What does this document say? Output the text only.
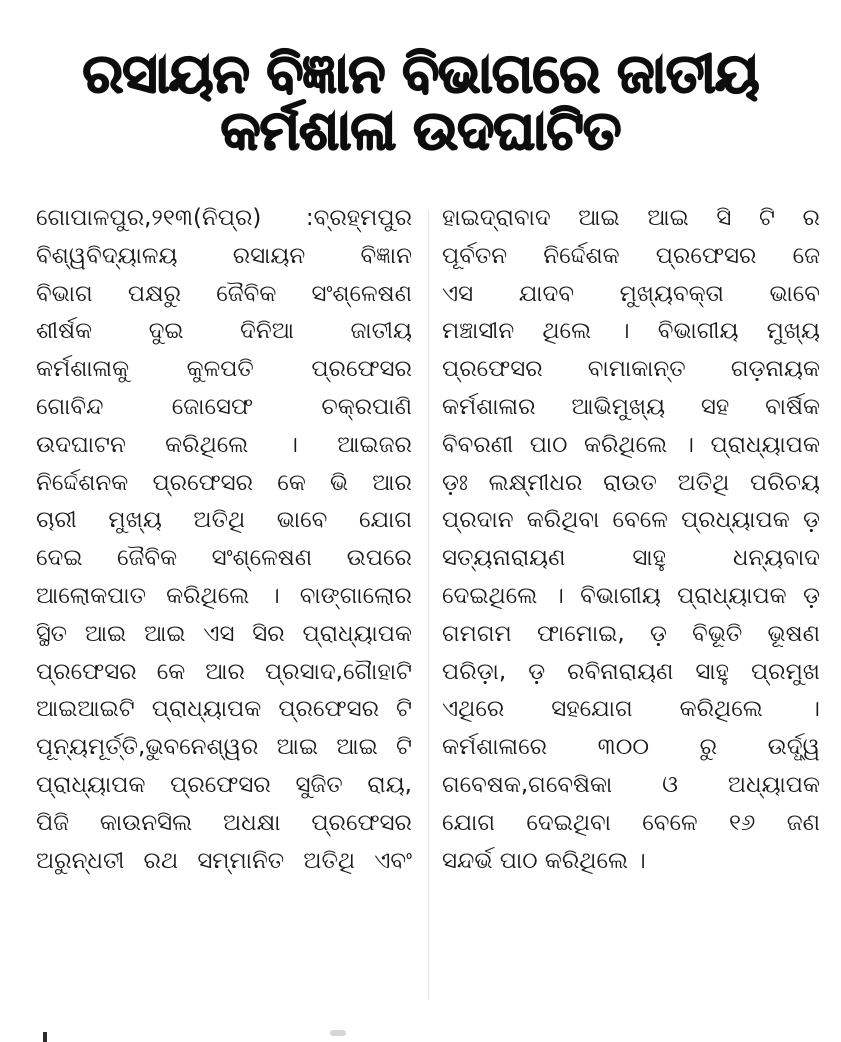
ରସାୟନ ବିଜ୍ଞାନ ବିଭାଗରେ ଜାତୀୟ କର୍ମଶାଳା ଉଦଘାଟିତ
ଗୋପାଳପୁର,୨୧୩(ନିପ୍ର) :ବ୍ରହ୍ମପୁର
ବିଶ୍ୱବିଦ୍ୟାଳୟ ରସାୟନ ବିଜ୍ଞାନ
ବିଭାଗ ପକ୍ଷରୁ ଜୈବିକ ସଂଶ୍ଳେଷଣ
ଶୀର୍ଷକ ଦୁଇ ଦିନିଆ ଜାତୀୟ
କର୍ମଶାଳାକୁ କୁଳପତି ପ୍ରଫେସର
ଗୋବିନ୍ଦ ଜୋସେଫ ଚକ୍ରପାଣି
ଉଦଘାଟନ କରିଥିଲେ । ଆଇଜର
ନିର୍ଦ୍ଦେଶନକ ପ୍ରଫେସର କେ ଭି ଆର
ଚାରୀ ମୁଖ୍ୟ ଅତିଥି ଭାବେ ଯୋଗ
ଦେଇ ଜୈବିକ ସଂଶ୍ଳେଷଣ ଉପରେ
ଆଲୋକପାତ କରିଥିଲେ । ବାଙ୍ଗାଲୋର
ସ୍ଥିତ ଆଇ ଆଇ ଏସ ସିର ପ୍ରାଧ୍ୟାପକ
ପ୍ରଫେସର କେ ଆର ପ୍ରସାଦ,ଗୈାହାଟି
ଆଇଆଇଟି ପ୍ରାଧ୍ୟାପକ ପ୍ରଫେସର ଟି
ପୂନ୍ୟମୂର୍ତ୍ତି,ଭୁବନେଶ୍ୱର ଆଇ ଆଇ ଟି
ପ୍ରାଧ୍ୟାପକ ପ୍ରଫେସର ସୁଜିତ ରାୟ,
ପିଜି କାଉନସିଲ ଅଧକ୍ଷା ପ୍ରଫେସର
ଅରୁନ୍ଧତୀ ରଥ ସମ୍ମାନିତ ଅତିଥି ଏବଂ
ହାଇଦ୍ରାବାଦ ଆଇ ଆଇ ସି ଟି ର
ପୂର୍ବତନ ନିର୍ଦ୍ଦେଶକ ପ୍ରଫେସର ଜେ
ଏସ ଯାଦବ ମୁଖ୍ୟବକ୍ତା ଭାବେ
ମଞ୍ଚାସୀନ ଥିଲେ । ବିଭାଗୀୟ ମୁଖ୍ୟ
ପ୍ରଫେସର ବାମାକାନ୍ତ ଗଡ଼ନାୟକ
କର୍ମଶାଳାର ଆଭିମୁଖ୍ୟ ସହ ବାର୍ଷିକ
ବିବରଣୀ ପାଠ କରିଥିଲେ । ପ୍ରାଧ୍ୟାପକ
ଡ଼ଃ ଲକ୍ଷ୍ମୀଧର ରାଉତ ଅତିଥି ପରିଚୟ
ପ୍ରଦାନ କରିଥିବା ବେଳେ ପ୍ରଧ୍ୟାପକ ଡ଼
ସତ୍ୟନାରାୟଣ ସାହୁ ଧନ୍ୟବାଦ
ଦେଇଥିଲେ । ବିଭାଗୀୟ ପ୍ରାଧ୍ୟାପକ ଡ଼
ଗମଗମ ଫାମୋଇ, ଡ଼ ବିଭୂତି ଭୂଷଣ
ପରିଡ଼ା, ଡ଼ ରବିନାରାୟଣ ସାହୁ ପ୍ରମୁଖ
ଏଥିରେ ସହଯୋଗ କରିଥିଲେ ।
କର୍ମଶାଳାରେ ୩୦୦ ରୁ ଉର୍ଦ୍ଧ୍ୱ
ଗବେଷକ,ଗବେଷିକା ଓ ଅଧ୍ୟାପକ
ଯୋଗ ଦେଇଥିବା ବେଳେ ୧୬ ଜଣ
ସନ୍ଦର୍ଭ ପାଠ କରିଥିଲେ ।
